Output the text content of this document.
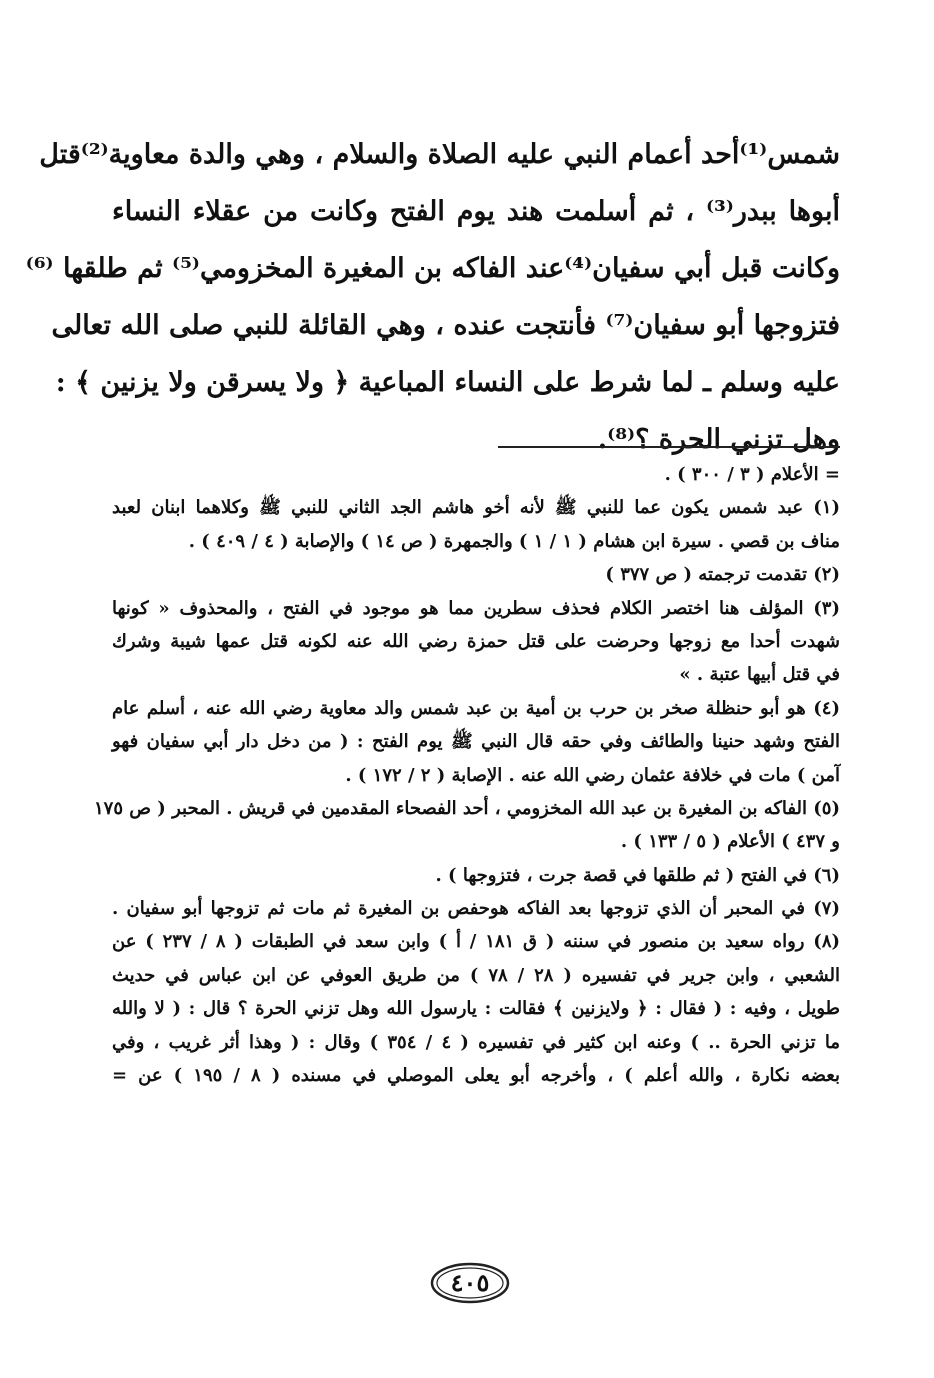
شمس⁽¹⁾أحد أعمام النبي عليه الصلاة والسلام ، وهي والدة معاوية⁽²⁾قتل
أبوها ببدر⁽³⁾ ، ثم أسلمت هند يوم الفتح وكانت من عقلاء النساء
وكانت قبل أبي سفيان⁽⁴⁾عند الفاكه بن المغيرة المخزومي⁽⁵⁾ ثم طلقها ⁽⁶⁾
فتزوجها أبو سفيان⁽⁷⁾ فأنتجت عنده ، وهي القائلة للنبي صلى الله تعالى
عليه وسلم ـ لما شرط على النساء المباعية ﴿ ولا يسرقن ولا يزنين ﴾ :
وهل تزني الحرة ؟⁽⁸⁾.
= الأعلام ( ٣ / ٣٠٠ ) .
(١) عبد شمس يكون عما للنبي ﷺ لأنه أخو هاشم الجد الثاني للنبي ﷺ وكلاهما ابنان لعبد
مناف بن قصي . سيرة ابن هشام ( ١ / ١ ) والجمهرة ( ص ١٤ ) والإصابة ( ٤ / ٤٠٩ ) .
(٢) تقدمت ترجمته ( ص ٣٧٧ )
(٣) المؤلف هنا اختصر الكلام فحذف سطرين مما هو موجود في الفتح ، والمحذوف « كونها
شهدت أحدا مع زوجها وحرضت على قتل حمزة رضي الله عنه لكونه قتل عمها شيبة وشرك
في قتل أبيها عتبة . »
(٤) هو أبو حنظلة صخر بن حرب بن أمية بن عبد شمس والد معاوية رضي الله عنه ، أسلم عام
الفتح وشهد حنينا والطائف وفي حقه قال النبي ﷺ يوم الفتح : ( من دخل دار أبي سفيان فهو
آمن ) مات في خلافة عثمان رضي الله عنه . الإصابة ( ٢ / ١٧٢ ) .
(٥) الفاكه بن المغيرة بن عبد الله المخزومي ، أحد الفصحاء المقدمين في قريش . المحبر ( ص ١٧٥
و ٤٣٧ ) الأعلام ( ٥ / ١٣٣ ) .
(٦) في الفتح ( ثم طلقها في قصة جرت ، فتزوجها ) .
(٧) في المحبر أن الذي تزوجها بعد الفاكه هوحفص بن المغيرة ثم مات ثم تزوجها أبو سفيان .
(٨) رواه سعيد بن منصور في سننه ( ق ١٨١ / أ ) وابن سعد في الطبقات ( ٨ / ٢٣٧ ) عن
الشعبي ، وابن جرير في تفسيره ( ٢٨ / ٧٨ ) من طريق العوفي عن ابن عباس في حديث
طويل ، وفيه : ( فقال : ﴿ ولايزنين ﴾ فقالت : يارسول الله وهل تزني الحرة ؟ قال : ( لا والله
ما تزني الحرة .. ) وعنه ابن كثير في تفسيره ( ٤ / ٣٥٤ ) وقال : ( وهذا أثر غريب ، وفي
بعضه نكارة ، والله أعلم ) ، وأخرجه أبو يعلى الموصلي في مسنده ( ٨ / ١٩٥ ) عن =
٤٠٥
